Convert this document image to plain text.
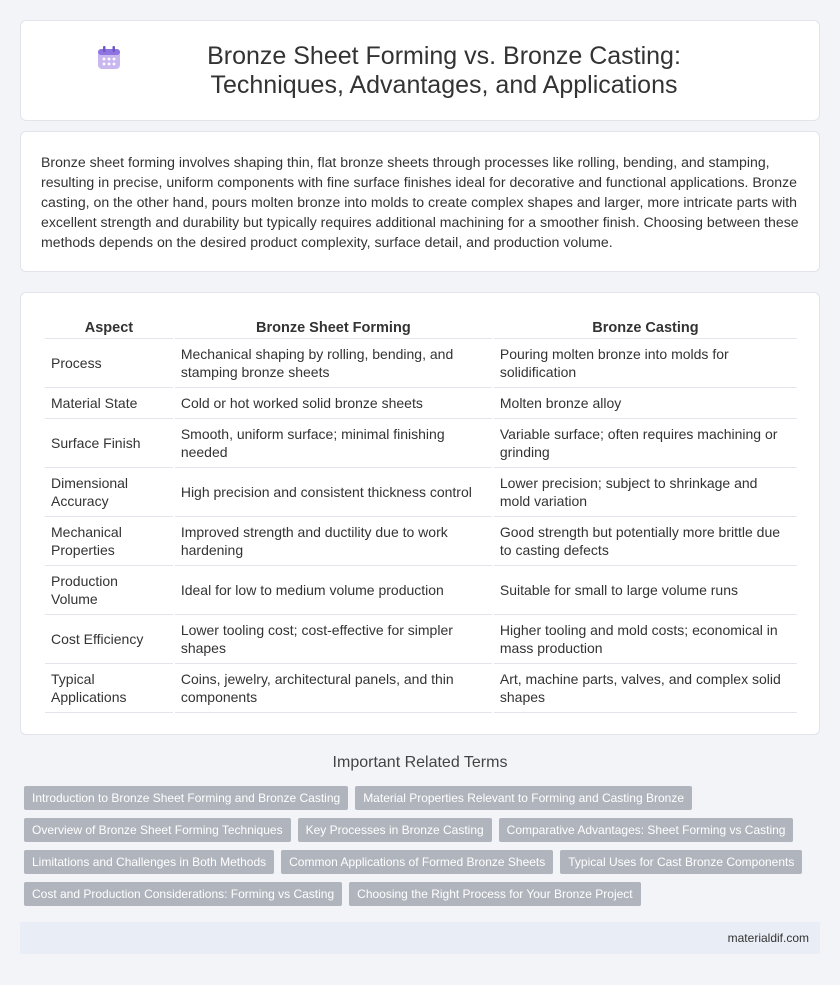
Bronze Sheet Forming vs. Bronze Casting: Techniques, Advantages, and Applications

Bronze sheet forming involves shaping thin, flat bronze sheets through processes like rolling, bending, and stamping, resulting in precise, uniform components with fine surface finishes ideal for decorative and functional applications. Bronze casting, on the other hand, pours molten bronze into molds to create complex shapes and larger, more intricate parts with excellent strength and durability but typically requires additional machining for a smoother finish. Choosing between these methods depends on the desired product complexity, surface detail, and production volume.

Aspect	Bronze Sheet Forming	Bronze Casting
Process	Mechanical shaping by rolling, bending, and stamping bronze sheets	Pouring molten bronze into molds for solidification
Material State	Cold or hot worked solid bronze sheets	Molten bronze alloy
Surface Finish	Smooth, uniform surface; minimal finishing needed	Variable surface; often requires machining or grinding
Dimensional Accuracy	High precision and consistent thickness control	Lower precision; subject to shrinkage and mold variation
Mechanical Properties	Improved strength and ductility due to work hardening	Good strength but potentially more brittle due to casting defects
Production Volume	Ideal for low to medium volume production	Suitable for small to large volume runs
Cost Efficiency	Lower tooling cost; cost-effective for simpler shapes	Higher tooling and mold costs; economical in mass production
Typical Applications	Coins, jewelry, architectural panels, and thin components	Art, machine parts, valves, and complex solid shapes
Important Related Terms
Introduction to Bronze Sheet Forming and Bronze Casting	Material Properties Relevant to Forming and Casting Bronze
Overview of Bronze Sheet Forming Techniques	Key Processes in Bronze Casting	Comparative Advantages: Sheet Forming vs Casting
Limitations and Challenges in Both Methods	Common Applications of Formed Bronze Sheets	Typical Uses for Cast Bronze Components
Cost and Production Considerations: Forming vs Casting	Choosing the Right Process for Your Bronze Project
materialdif.com
